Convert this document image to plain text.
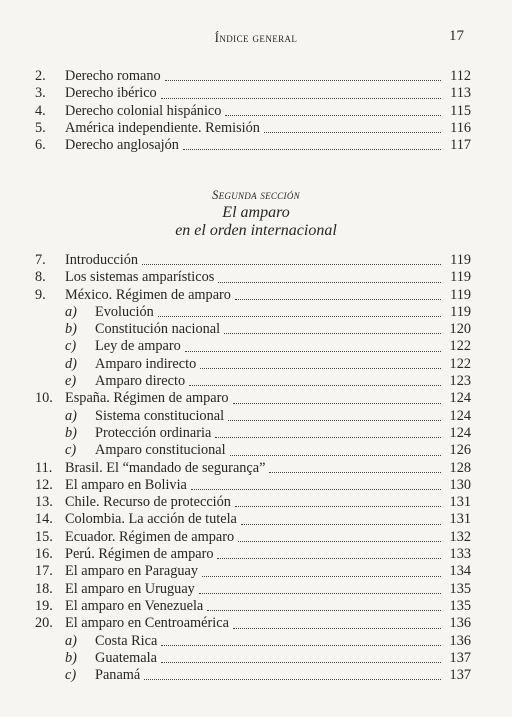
Índice general	17
2.	Derecho romano	112
3.	Derecho ibérico	113
4.	Derecho colonial hispánico	115
5.	América independiente. Remisión	116
6.	Derecho anglosajón	117
Segunda sección
El amparo
en el orden internacional
7.	Introducción	119
8.	Los sistemas amparísticos	119
9.	México. Régimen de amparo	119
a)	Evolución	119
b)	Constitución nacional	120
c)	Ley de amparo	122
d)	Amparo indirecto	122
e)	Amparo directo	123
10. España. Régimen de amparo	124
a)	Sistema constitucional	124
b)	Protección ordinaria	124
c)	Amparo constitucional	126
11. Brasil. El “mandado de segurança”	128
12. El amparo en Bolivia	130
13. Chile. Recurso de protección	131
14. Colombia. La acción de tutela	131
15. Ecuador. Régimen de amparo	132
16. Perú. Régimen de amparo	133
17. El amparo en Paraguay	134
18. El amparo en Uruguay	135
19. El amparo en Venezuela	135
20. El amparo en Centroamérica	136
a)	Costa Rica	136
b)	Guatemala	137
c)	Panamá	137
